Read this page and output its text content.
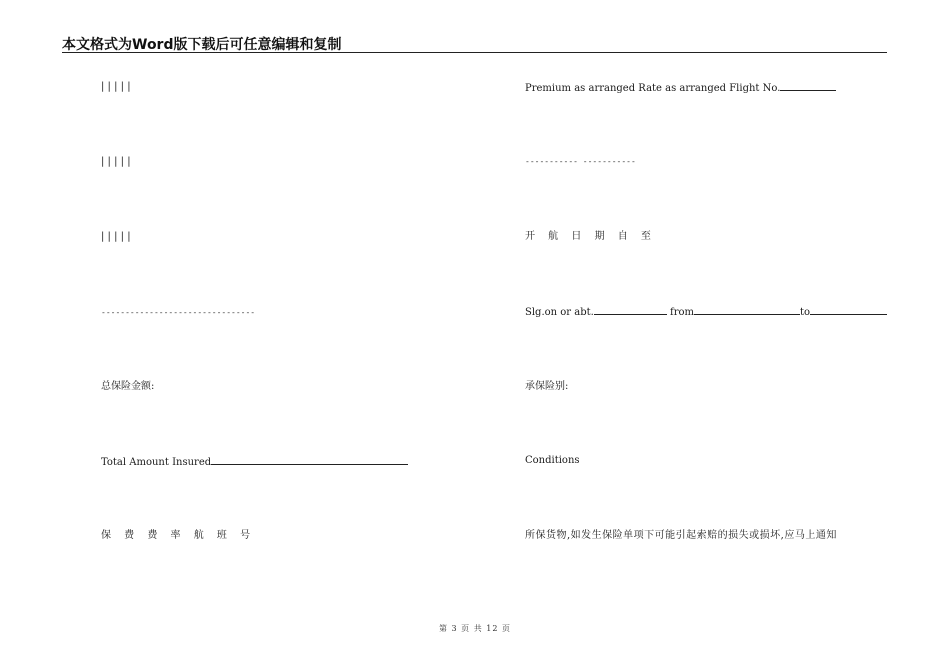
本文格式为Word版下载后可任意编辑和复制
| | | | |
| | | | |
| | | | |
--------------------------------
总保险金额:
Total Amount Insured
保 费 费 率 航 班 号
Premium as arranged Rate as arranged Flight No.
----------- -----------
开 航 日 期 自 至
Slg.on or abt.	from	to
承保险别:
Conditions
所保货物,如发生保险单项下可能引起索赔的损失或损坏,应马上通知
第 3 页 共 12 页
